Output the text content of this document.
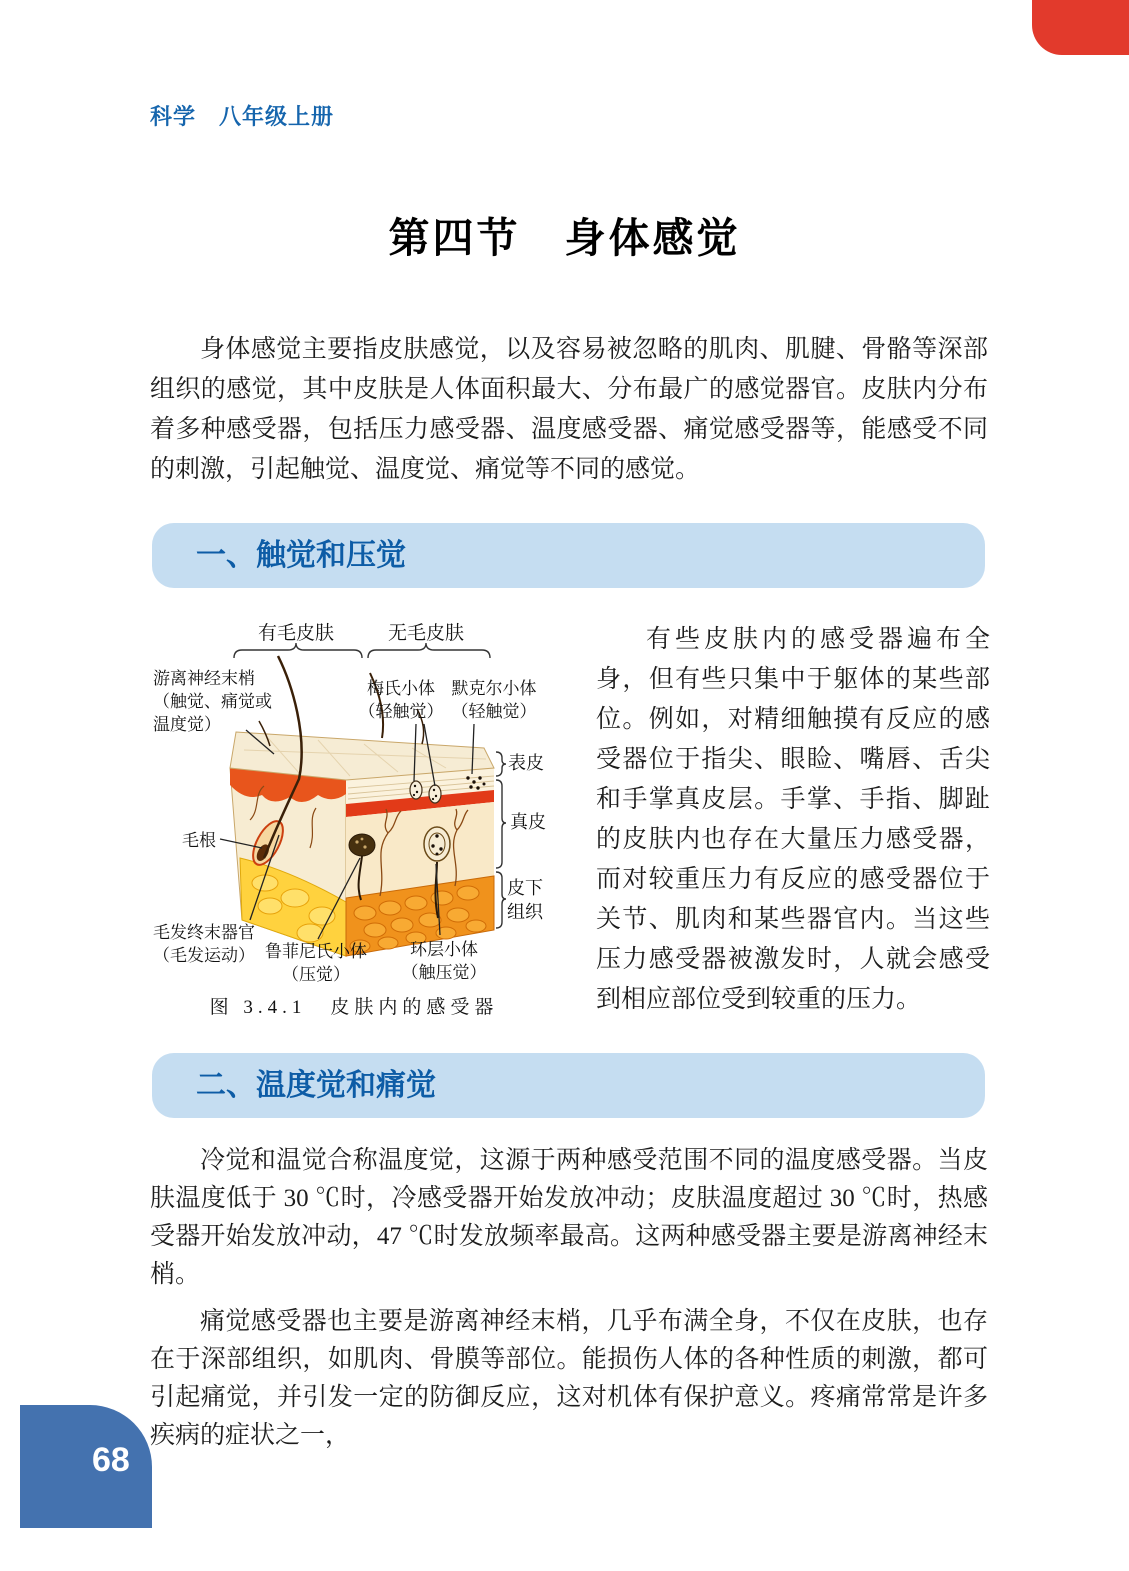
科学　八年级上册
第四节　身体感觉

身体感觉主要指皮肤感觉，以及容易被忽略的肌肉、肌腱、骨骼等深部组织的感觉，其中皮肤是人体面积最大、分布最广的感觉器官。皮肤内分布着多种感受器，包括压力感受器、温度感受器、痛觉感受器等，能感受不同的刺激，引起触觉、温度觉、痛觉等不同的感觉。

一、触觉和压觉
有毛皮肤	无毛皮肤
游离神经末梢
（触觉、痛觉或
温度觉）
梅氏小体
（轻触觉）
默克尔小体
（轻触觉）
表皮
真皮
皮下
组织
毛根
毛发终末器官
（毛发运动） 鲁菲尼氏小体
（压觉）
环层小体
（触压觉）
图 3.4.1　皮肤内的感受器

有些皮肤内的感受器遍布全身，但有些只集中于躯体的某些部位。例如，对精细触摸有反应的感受器位于指尖、眼睑、嘴唇、舌尖和手掌真皮层。手掌、手指、脚趾的皮肤内也存在大量压力感受器，而对较重压力有反应的感受器位于关节、肌肉和某些器官内。当这些压力感受器被激发时，人就会感受到相应部位受到较重的压力。

二、温度觉和痛觉

冷觉和温觉合称温度觉，这源于两种感受范围不同的温度感受器。当皮肤温度低于 30 ℃时，冷感受器开始发放冲动；皮肤温度超过 30 ℃时，热感受器开始发放冲动，47 ℃时发放频率最高。这两种感受器主要是游离神经末梢。

痛觉感受器也主要是游离神经末梢，几乎布满全身，不仅在皮肤，也存在于深部组织，如肌肉、骨膜等部位。能损伤人体的各种性质的刺激，都可引起痛觉，并引发一定的防御反应，这对机体有保护意义。疼痛常常是许多疾病的症状之一，

68
